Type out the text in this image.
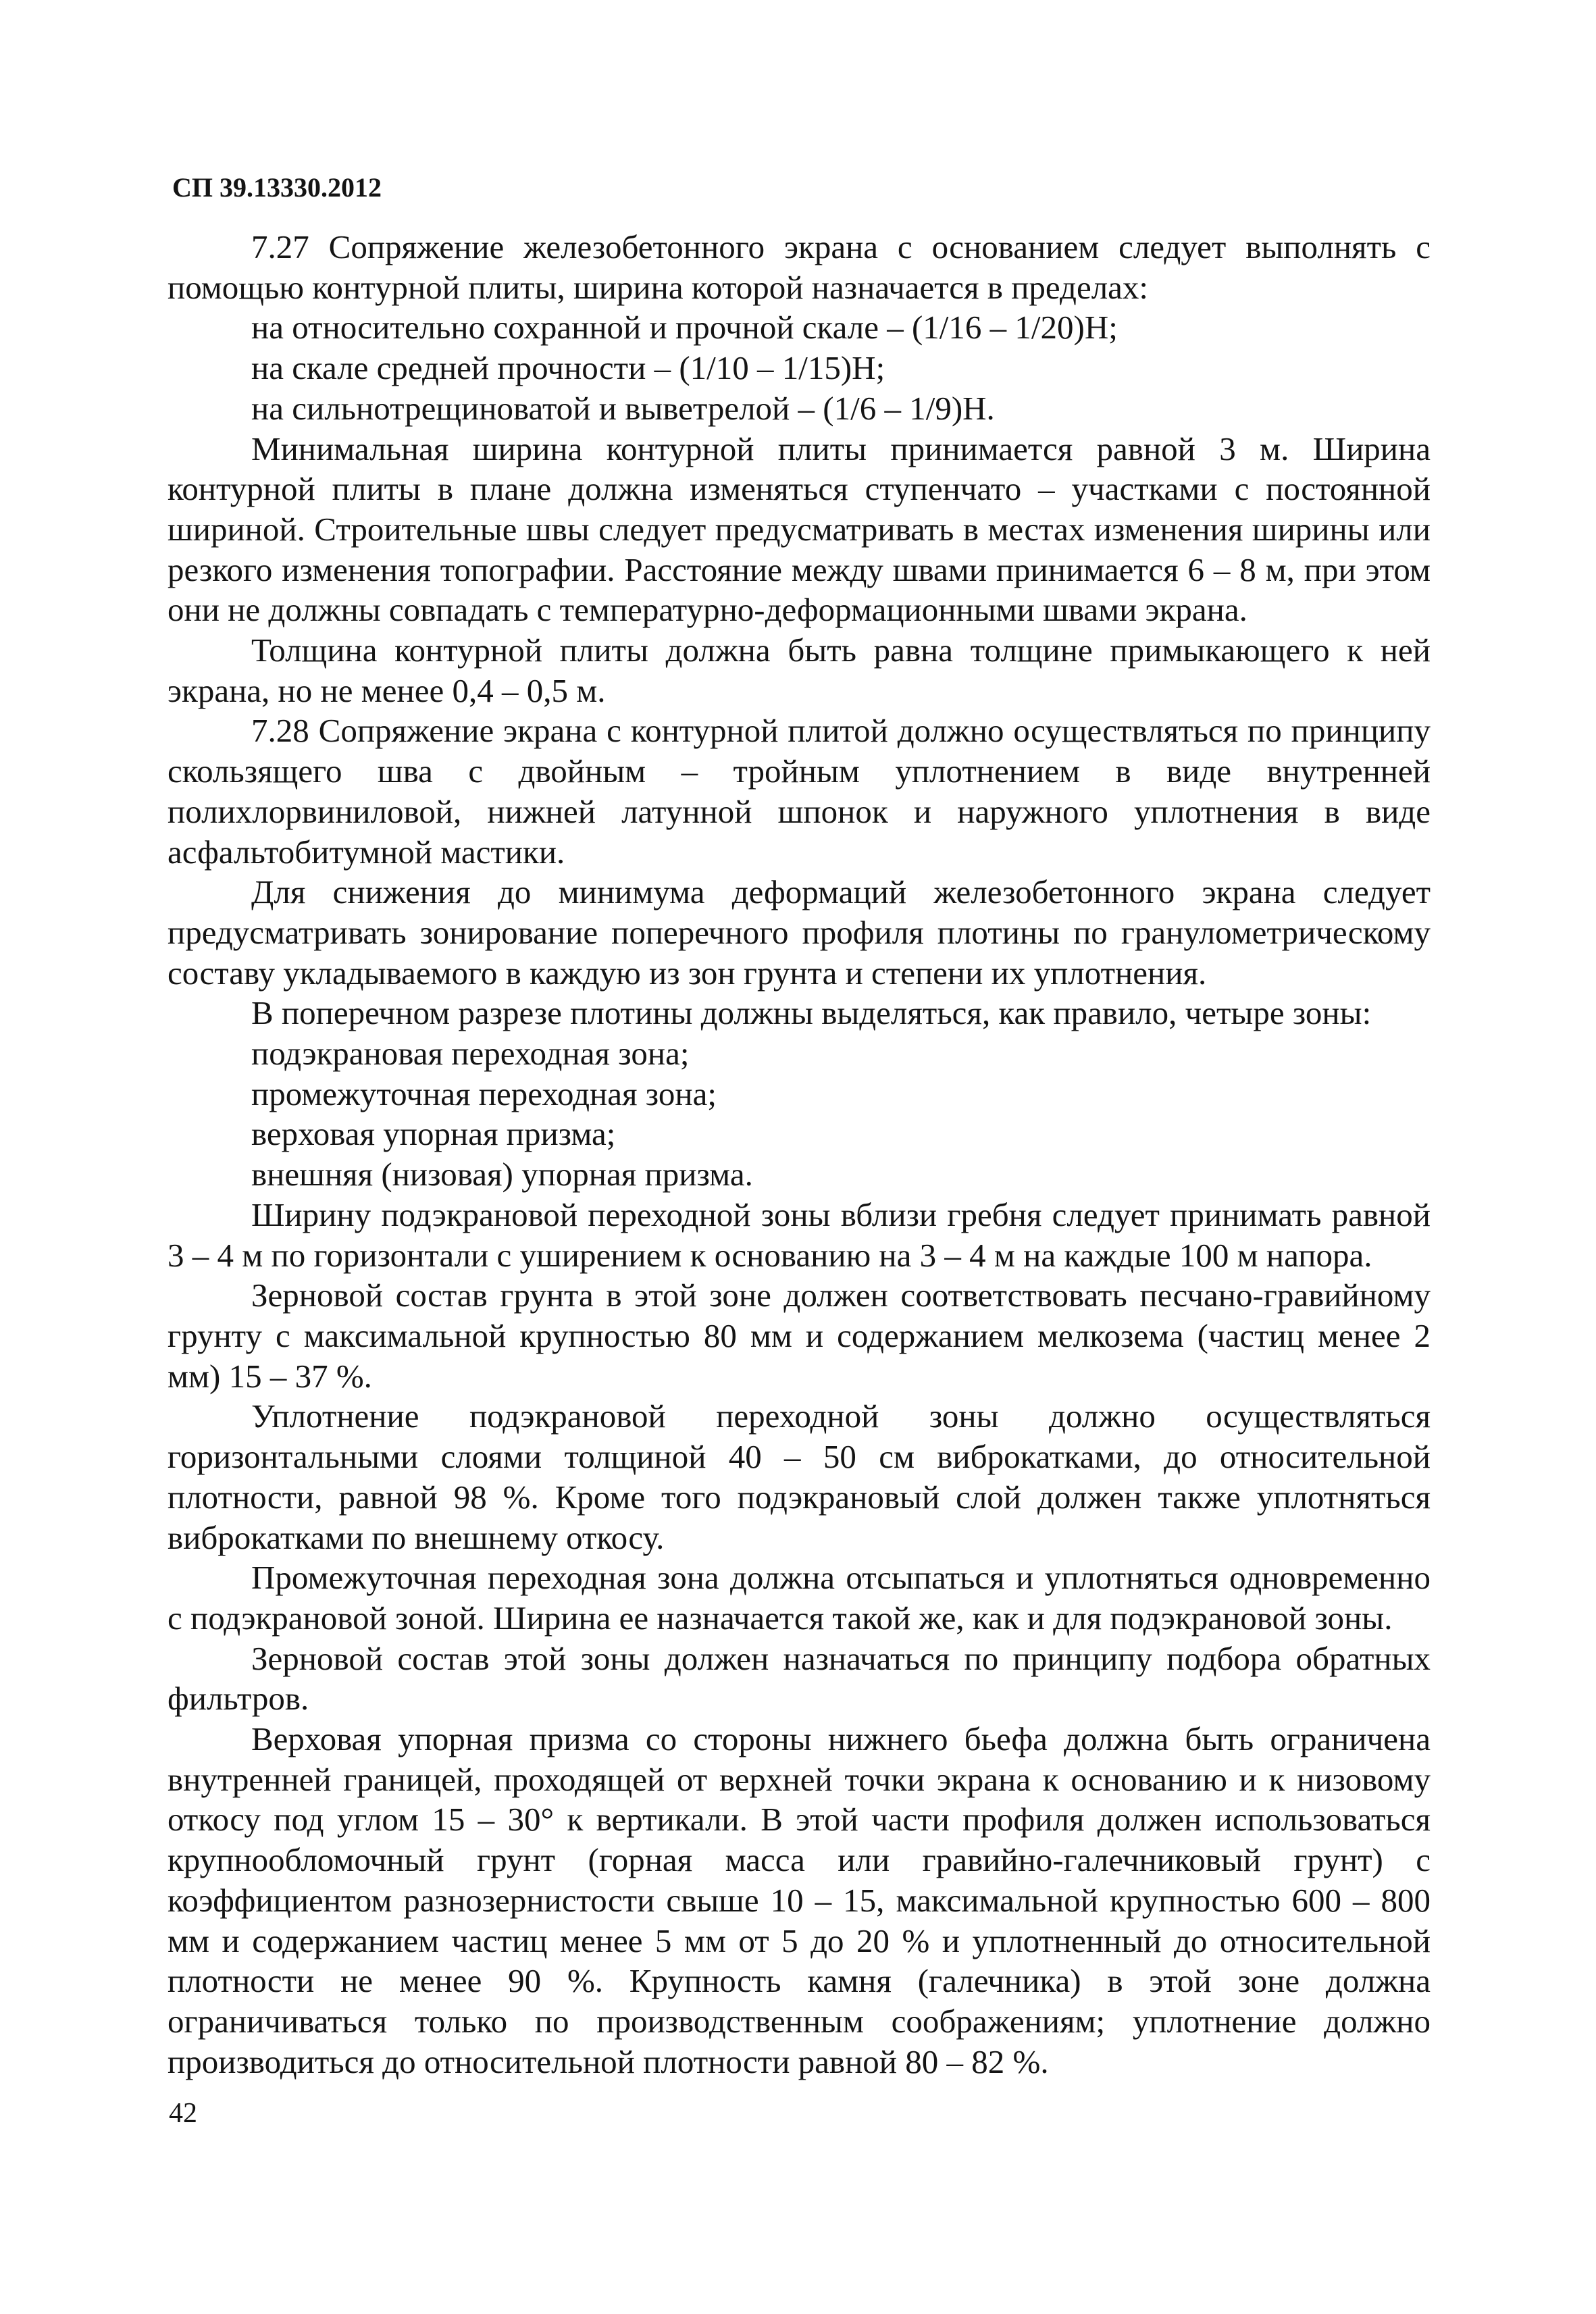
СП 39.13330.2012
7.27 Сопряжение железобетонного экрана с основанием следует выполнять с помощью контурной плиты, ширина которой назначается в пределах:
на относительно сохранной и прочной скале – (1/16 – 1/20)H;
на скале средней прочности – (1/10 – 1/15)H;
на сильнотрещиноватой и выветрелой – (1/6 – 1/9)H.
Минимальная ширина контурной плиты принимается равной 3 м. Ширина контурной плиты в плане должна изменяться ступенчато – участками с постоянной шириной. Строительные швы следует предусматривать в местах изменения ширины или резкого изменения топографии. Расстояние между швами принимается 6 – 8 м, при этом они не должны совпадать с температурно-деформационными швами экрана.
Толщина контурной плиты должна быть равна толщине примыкающего к ней экрана, но не менее 0,4 – 0,5 м.
7.28 Сопряжение экрана с контурной плитой должно осуществляться по принципу скользящего шва с двойным – тройным уплотнением в виде внутренней полихлорвиниловой, нижней латунной шпонок и наружного уплотнения в виде асфальтобитумной мастики.
Для снижения до минимума деформаций железобетонного экрана следует предусматривать зонирование поперечного профиля плотины по гранулометрическому составу укладываемого в каждую из зон грунта и степени их уплотнения.
В поперечном разрезе плотины должны выделяться, как правило, четыре зоны:
подэкрановая переходная зона;
промежуточная переходная зона;
верховая упорная призма;
внешняя (низовая) упорная призма.
Ширину подэкрановой переходной зоны вблизи гребня следует принимать равной 3 – 4 м по горизонтали с уширением к основанию на 3 – 4 м на каждые 100 м напора.
Зерновой состав грунта в этой зоне должен соответствовать песчано-гравийному грунту с максимальной крупностью 80 мм и содержанием мелкозема (частиц менее 2 мм) 15 – 37 %.
Уплотнение подэкрановой переходной зоны должно осуществляться горизонтальными слоями толщиной 40 – 50 см виброкатками, до относительной плотности, равной 98 %. Кроме того подэкрановый слой должен также уплотняться виброкатками по внешнему откосу.
Промежуточная переходная зона должна отсыпаться и уплотняться одновременно с подэкрановой зоной. Ширина ее назначается такой же, как и для подэкрановой зоны.
Зерновой состав этой зоны должен назначаться по принципу подбора обратных фильтров.
Верховая упорная призма со стороны нижнего бьефа должна быть ограничена внутренней границей, проходящей от верхней точки экрана к основанию и к низовому откосу под углом 15 – 30° к вертикали. В этой части профиля должен использоваться крупнообломочный грунт (горная масса или гравийно-галечниковый грунт) с коэффициентом разнозернистости свыше 10 – 15, максимальной крупностью 600 – 800 мм и содержанием частиц менее 5 мм от 5 до 20 % и уплотненный до относительной плотности не менее 90 %. Крупность камня (галечника) в этой зоне должна ограничиваться только по производственным соображениям; уплотнение должно производиться до относительной плотности равной 80 – 82 %.
42
